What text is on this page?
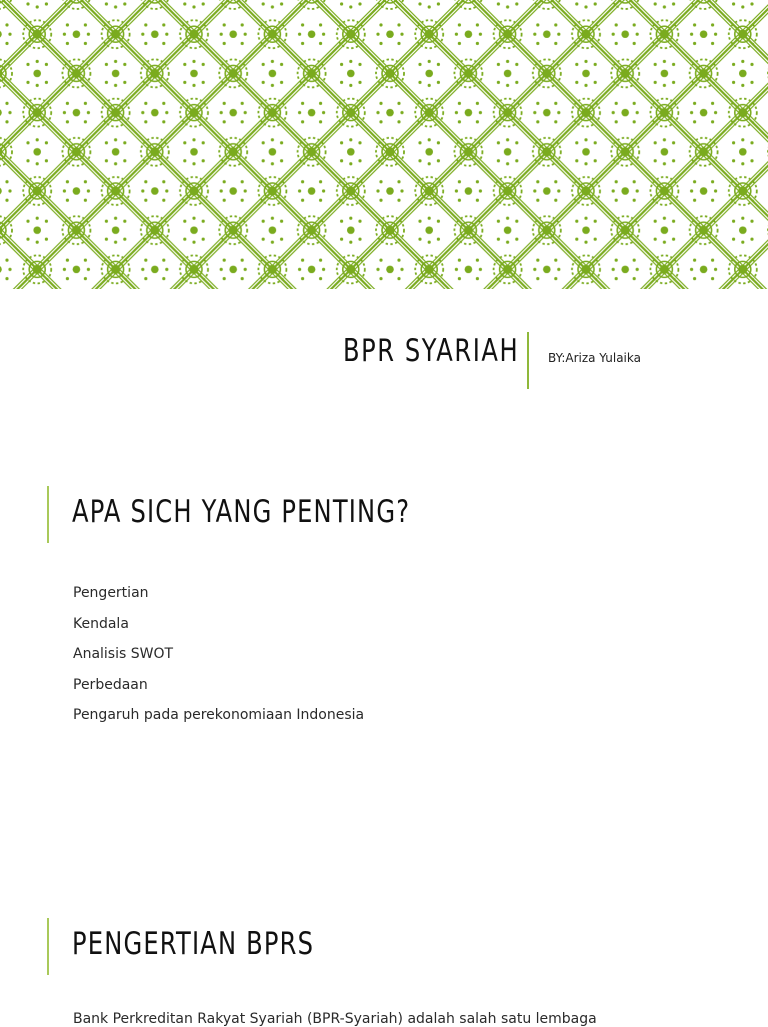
BPR SYARIAH BY:Ariza Yulaika
APA SICH YANG PENTING?
Pengertian
Kendala
Analisis SWOT
Perbedaan
Pengaruh pada perekonomiaan Indonesia
PENGERTIAN BPRS
Bank Perkreditan Rakyat Syariah (BPR-Syariah) adalah salah satu lembaga
